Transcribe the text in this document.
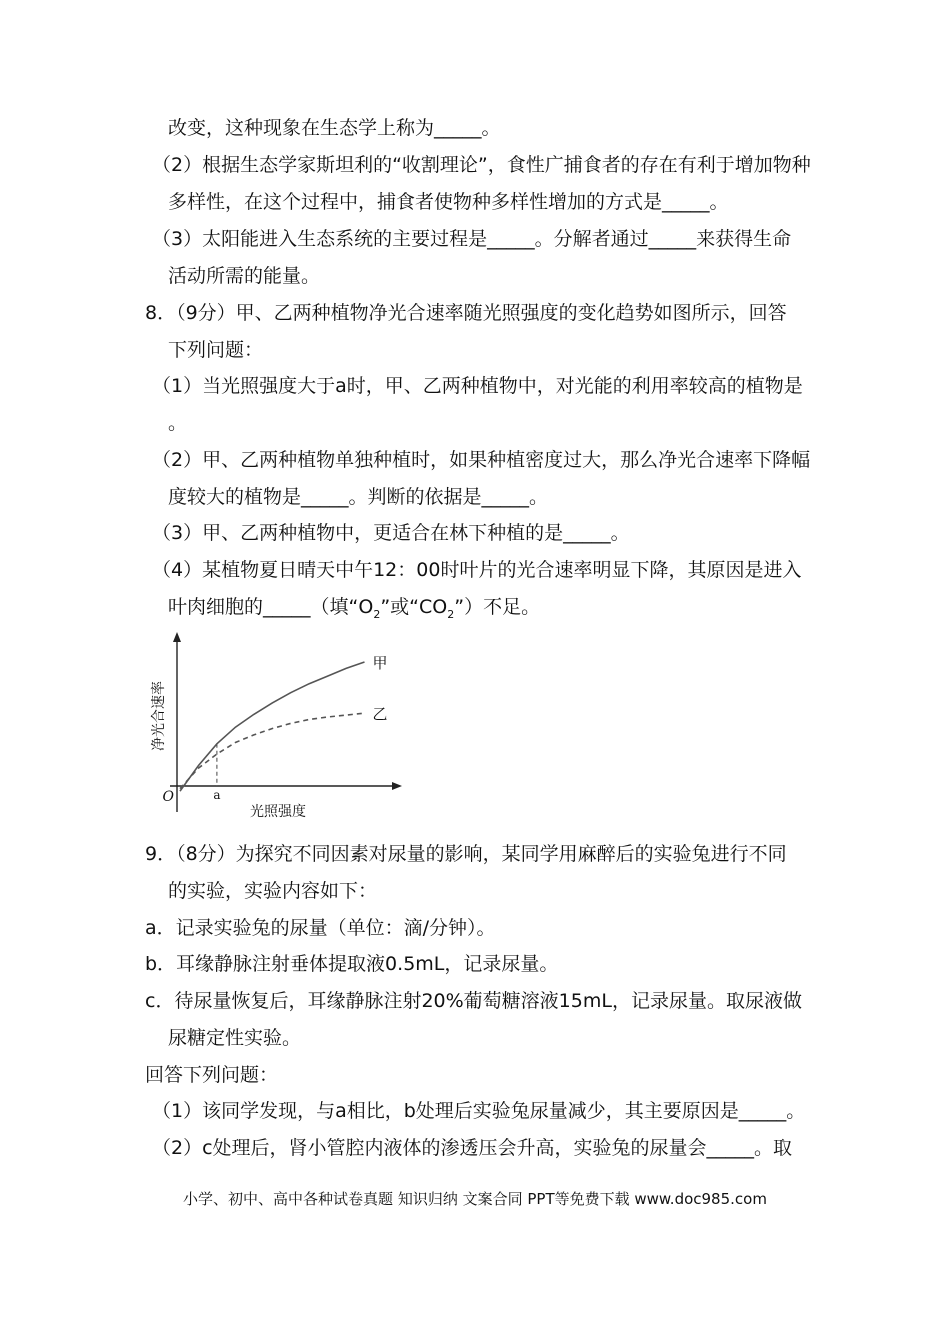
改变，这种现象在生态学上称为_____。
（2）根据生态学家斯坦利的“收割理论”，食性广捕食者的存在有利于增加物种
多样性，在这个过程中，捕食者使物种多样性增加的方式是_____。
（3）太阳能进入生态系统的主要过程是_____。分解者通过_____来获得生命
活动所需的能量。
8．（9分）甲、乙两种植物净光合速率随光照强度的变化趋势如图所示，回答
下列问题：
（1）当光照强度大于a时，甲、乙两种植物中，对光能的利用率较高的植物是
。
（2）甲、乙两种植物单独种植时，如果种植密度过大，那么净光合速率下降幅
度较大的植物是_____。判断的依据是_____。
（3）甲、乙两种植物中，更适合在林下种植的是_____。
（4）某植物夏日晴天中午12：00时叶片的光合速率明显下降，其原因是进入
叶肉细胞的_____（填“$O_2$”或“$CO_2$”）不足。
净光合速率
光照强度
O	a
甲
乙
9．（8分）为探究不同因素对尿量的影响，某同学用麻醉后的实验兔进行不同
的实验，实验内容如下：
a．记录实验兔的尿量（单位：滴/分钟）。
b．耳缘静脉注射垂体提取液0.5mL，记录尿量。
c．待尿量恢复后，耳缘静脉注射20%葡萄糖溶液15mL，记录尿量。取尿液做
尿糖定性实验。
回答下列问题：
（1）该同学发现，与a相比，b处理后实验兔尿量减少，其主要原因是_____。
（2）c处理后，肾小管腔内液体的渗透压会升高，实验兔的尿量会_____。取
小学、初中、高中各种试卷真题 知识归纳 文案合同 PPT等免费下载 www.doc985.com
